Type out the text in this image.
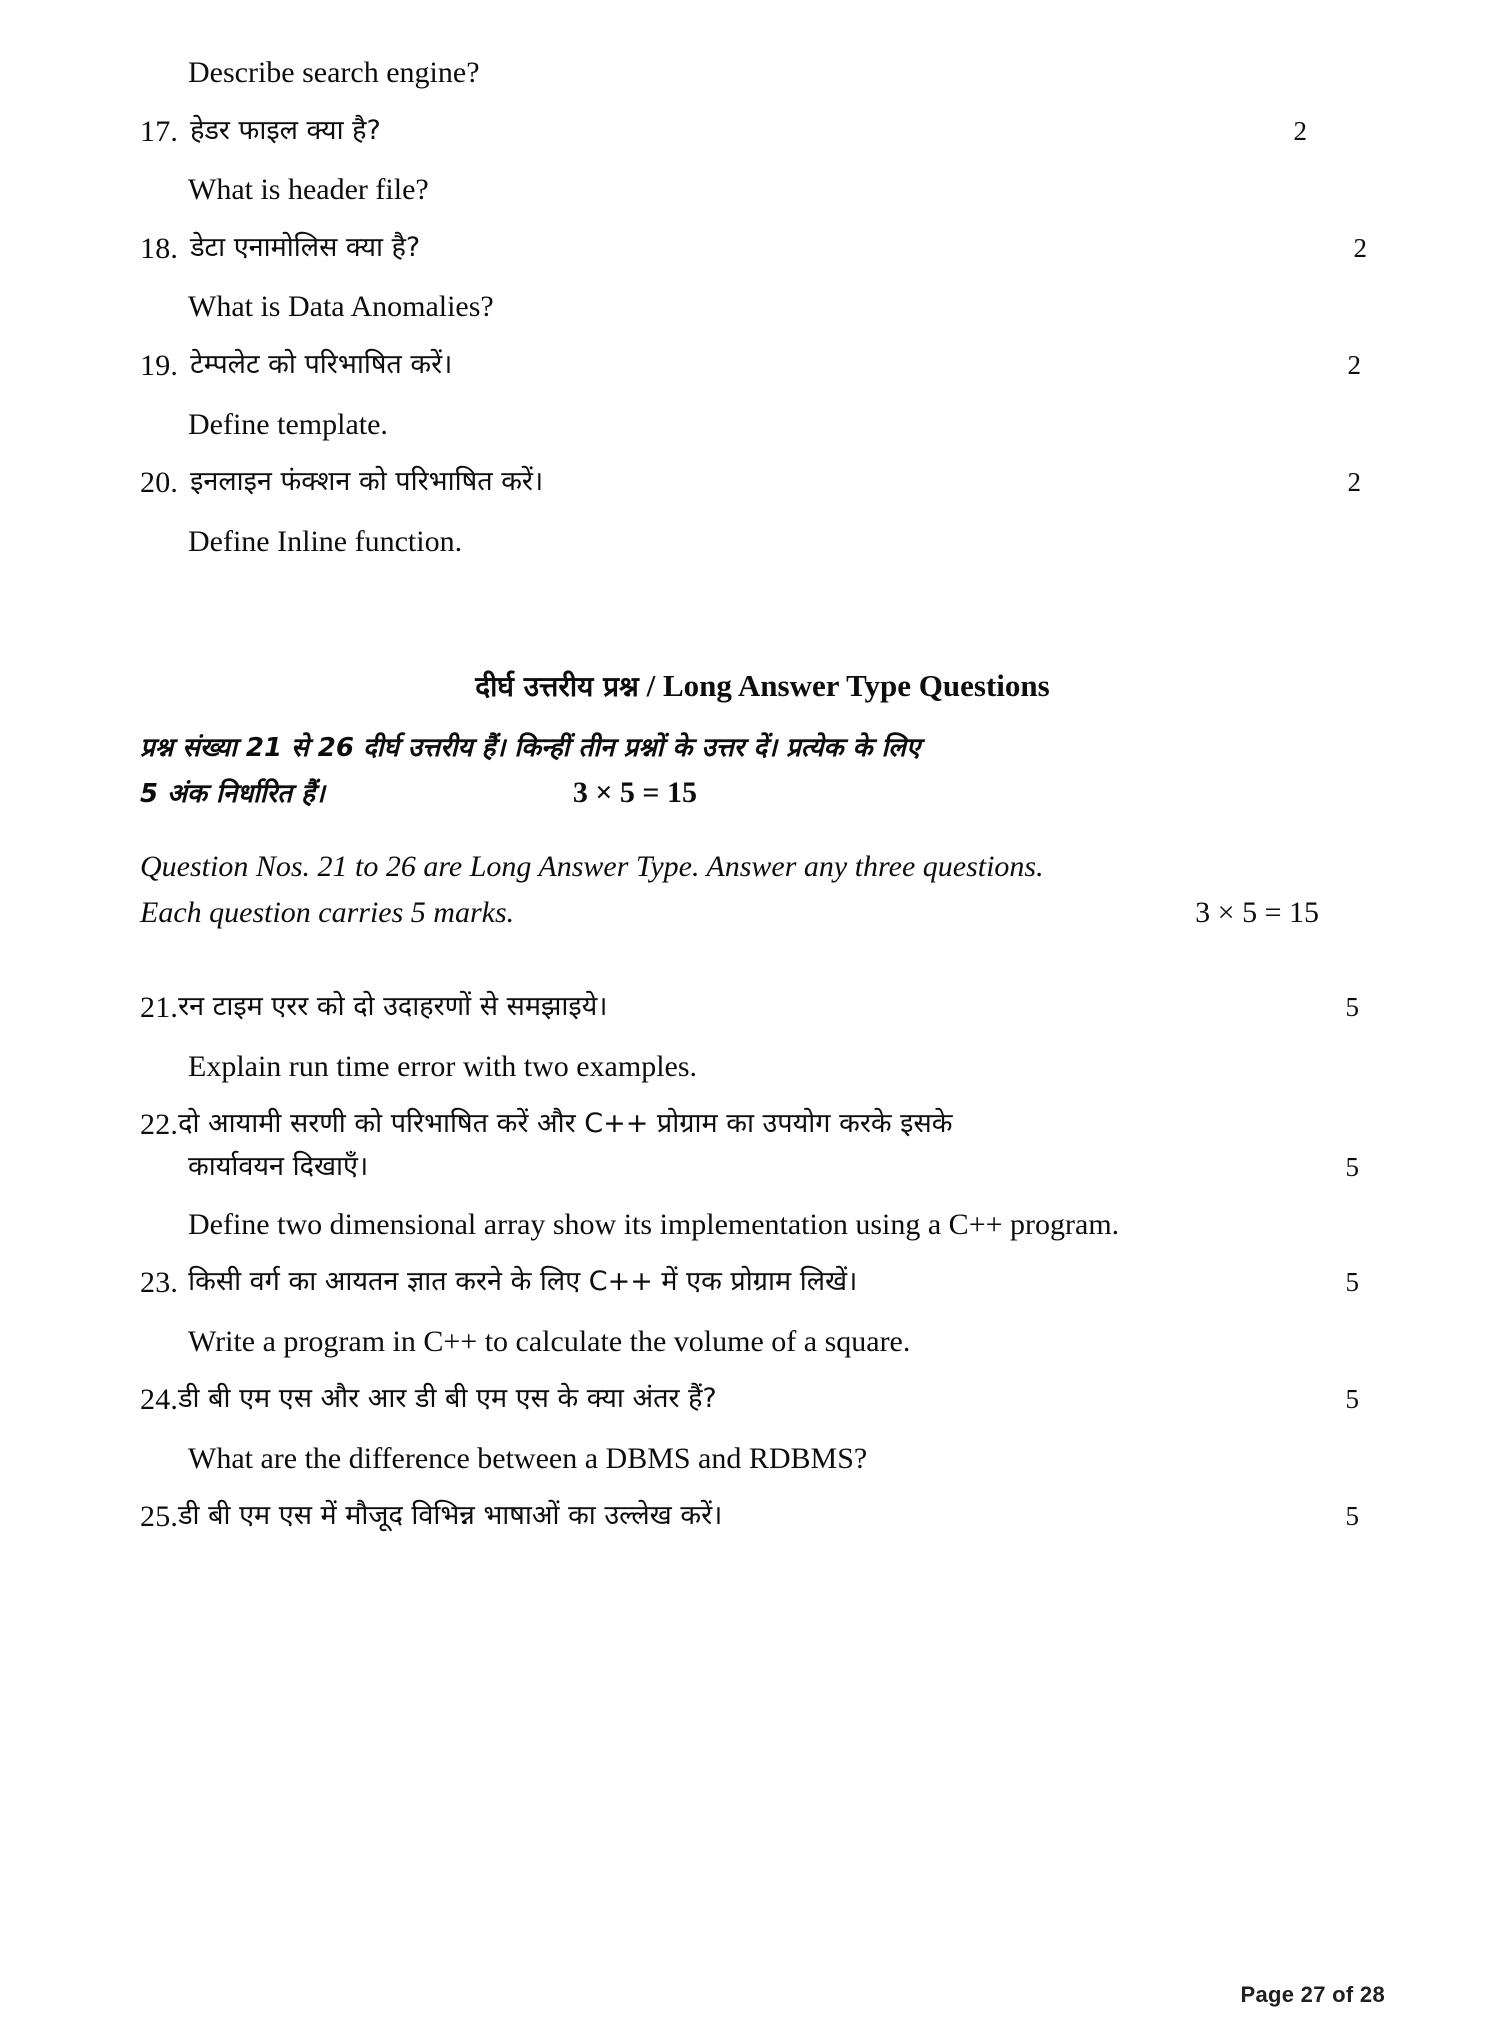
Describe search engine?
17. हेडर फाइल क्या है?	2
What is header file?
18. डेटा एनामोलिस क्या है?	2
What is Data Anomalies?
19. टेम्पलेट को परिभाषित करें।	2
Define template.
20. इनलाइन फंक्शन को परिभाषित करें।	2
Define Inline function.
दीर्घ उत्तरीय प्रश्न / Long Answer Type Questions
प्रश्न संख्या 21 से 26 दीर्घ उत्तरीय हैं। किन्हीं तीन प्रश्नों के उत्तर दें। प्रत्येक के लिए
5 अंक निर्धारित हैं।	3 × 5 = 15
Question Nos. 21 to 26 are Long Answer Type. Answer any three questions.
Each question carries 5 marks.	3 × 5 = 15
21. रन टाइम एरर को दो उदाहरणों से समझाइये।	5
Explain run time error with two examples.
22. दो आयामी सरणी को परिभाषित करें और C++ प्रोग्राम का उपयोग करके इसके
कार्यावयन दिखाएँ।	5
Define two dimensional array show its implementation using a C++ program.
23. किसी वर्ग का आयतन ज्ञात करने के लिए C++ में एक प्रोग्राम लिखें।	5
Write a program in C++ to calculate the volume of a square.
24. डी बी एम एस और आर डी बी एम एस के क्या अंतर हैं?	5
What are the difference between a DBMS and RDBMS?
25. डी बी एम एस में मौजूद विभिन्न भाषाओं का उल्लेख करें।	5
Page 27 of 28
